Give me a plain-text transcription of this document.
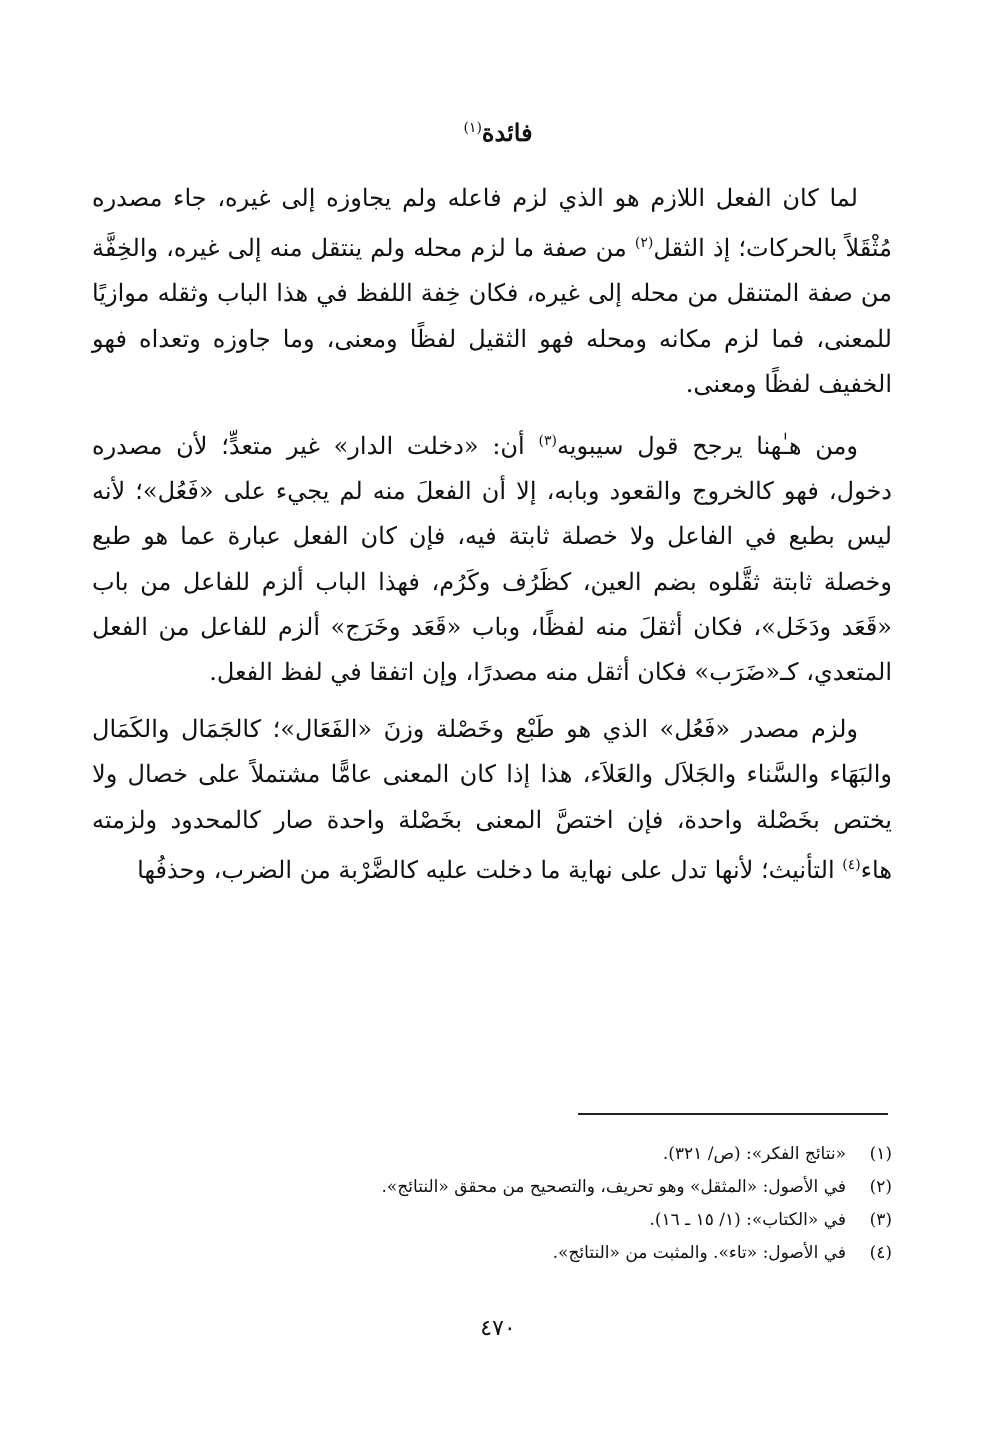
فائدة$^{(١)}$

لما كان الفعل اللازم هو الذي لزم فاعله ولم يجاوزه إلى غيره، جاء مصدره مُثْقَلاً بالحركات؛ إذ الثقل$^{(٢)}$ من صفة ما لزم محله ولم ينتقل منه إلى غيره، والخِفَّة من صفة المتنقل من محله إلى غيره، فكان خِفة اللفظ في هذا الباب وثقله موازيًا للمعنى، فما لزم مكانه ومحله فهو الثقيل لفظًا ومعنى، وما جاوزه وتعداه فهو الخفيف لفظًا ومعنى.

ومن هـٰهنا يرجح قول سيبويه$^{(٣)}$ أن: «دخلت الدار» غير متعدٍّ؛ لأن مصدره دخول، فهو كالخروج والقعود وبابه، إلا أن الفعلَ منه لم يجيء على «فَعُل»؛ لأنه ليس بطبع في الفاعل ولا خصلة ثابتة فيه، فإن كان الفعل عبارة عما هو طبع وخصلة ثابتة ثقَّلوه بضم العين، كظَرُف وكَرُم، فهذا الباب ألزم للفاعل من باب «قَعَد ودَخَل»، فكان أثقلَ منه لفظًا، وباب «قَعَد وخَرَج» ألزم للفاعل من الفعل المتعدي، كـ«ضَرَب» فكان أثقل منه مصدرًا، وإن اتفقا في لفظ الفعل.

ولزم مصدر «فَعُل» الذي هو طَبْع وخَصْلة وزنَ «الفَعَال»؛ كالجَمَال والكَمَال والبَهَاء والسَّناء والجَلاَل والعَلاَء، هذا إذا كان المعنى عامًّا مشتملاً على خصال ولا يختص بخَصْلة واحدة، فإن اختصَّ المعنى بخَصْلة واحدة صار كالمحدود ولزمته هاء$^{(٤)}$ التأنيث؛ لأنها تدل على نهاية ما دخلت عليه كالضَّرْبة من الضرب، وحذفُها

(١)«نتائج الفكر»: (ص/ ٣٢١).
(٢)في الأصول: «المثقل» وهو تحريف، والتصحيح من محقق «النتائج».
(٣)في «الكتاب»: (١/ ١٥ ـ ١٦).
(٤)في الأصول: «تاء». والمثبت من «النتائج».
٤٧٠
